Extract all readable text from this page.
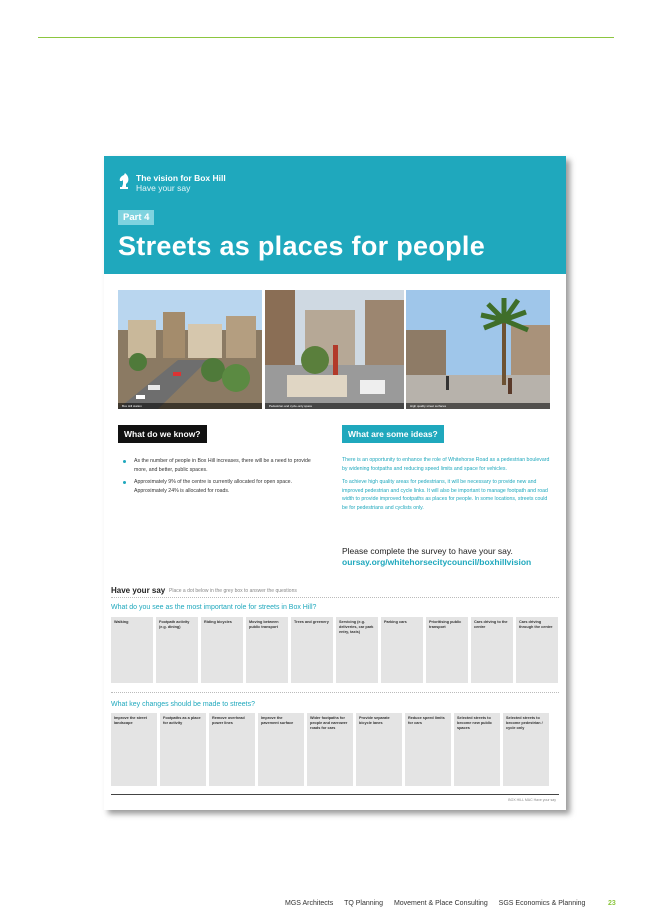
The vision for Box Hill
Have your say
Part 4
Streets as places for people
Box Hill station	Pedestrian and cycle-only space	High quality street surfaces
What do we know?
As the number of people in Box Hill increases, there will be a need to provide more, and better, public spaces.
Approximately 9% of the centre is currently allocated for open space. Approximately 24% is allocated for roads.
What are some ideas?

There is an opportunity to enhance the role of Whitehorse Road as a pedestrian boulevard by widening footpaths and reducing speed limits and space for vehicles.

To achieve high quality areas for pedestrians, it will be necessary to provide new and improved pedestrian and cycle links. It will also be important to manage footpath and road width to provide improved footpaths as places for people. In some locations, streets could be for pedestrians and cyclists only.

Please complete the survey to have your say.
oursay.org/whitehorsecitycouncil/boxhillvision
Have your say Place a dot below in the grey box to answer the questions
What do you see as the most important role for streets in Box Hill?
Walking	Footpath activity (e.g. dining)
Riding bicycles	Moving between public transport
Trees and greenery	Servicing (e.g. deliveries, car park entry, taxis)
Parking cars	Prioritising public transport
Cars driving to the centre
Cars driving through the centre
What key changes should be made to streets?
Improve the street landscape
Footpaths as a place for activity
Remove overhead power lines
Improve the pavement surface
Wider footpaths for people and narrower roads for cars
Provide separate bicycle lanes
Reduce speed limits for cars
Selected streets to become new public spaces
Selected streets to become pedestrian / cycle only
BOX HILL MAC Have your say
MGS Architects TQ Planning Movement & Place Consulting SGS Economics & Planning	23
